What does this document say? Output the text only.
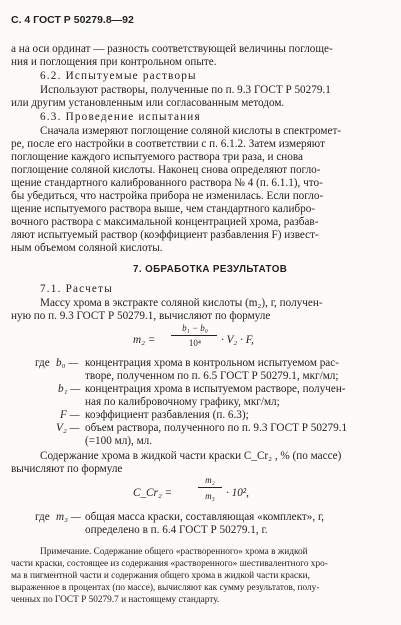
С. 4 ГОСТ Р 50279.8—92
а на оси ординат — разность соответствующей величины поглоще-
ния и поглощения при контрольном опыте.
6.2. Испытуемые растворы
Используют растворы, полученные по п. 9.3 ГОСТ Р 50279.1
или другим установленным или согласованным методом.
6.3. Проведение испытания
Сначала измеряют поглощение соляной кислоты в спектромет-
ре, после его настройки в соответствии с п. 6.1.2. Затем измеряют
поглощение каждого испытуемого раствора три раза, и снова
поглощение соляной кислоты. Наконец снова определяют погло-
щение стандартного калиброванного раствора № 4 (п. 6.1.1), что-
бы убедиться, что настройка прибора не изменилась. Если погло-
щение испытуемого раствора выше, чем стандартного калибро-
вочного раствора с максимальной концентрацией хрома, разбав-
ляют испытуемый раствор (коэффициент разбавления F) извест-
ным объемом соляной кислоты.
7. ОБРАБОТКА РЕЗУЛЬТАТОВ
7.1. Расчеты
Массу хрома в экстракте соляной кислоты (m₂), г, получен-
ную по п. 9.3 ГОСТ Р 50279.1, вычисляют по формуле
m₂ =
b₁ − b₀
10⁴	· V₂ · F,
где b₀ — концентрация хрома в контрольном испытуемом рас-
творе, полученном по п. 6.5 ГОСТ Р 50279.1, мкг/мл;
b₁ — концентрация хрома в испытуемом растворе, получен-
ная по калибровочному графику, мкг/мл;
F — коэффициент разбавления (п. 6.3);
V₂ — объем раствора, полученного по п. 9.3 ГОСТ Р 50279.1
(=100 мл), мл.
Содержание хрома в жидкой части краски C_Cr₂ , % (по массе)
вычисляют по формуле
C_Cr₂ =
m₂
m₃ · 10²,
где m₃ — общая масса краски, составляющая «комплект», г,
определено в п. 6.4 ГОСТ Р 50279.1, г.
Примечание. Содержание общего «растворенного» хрома в жидкой
части краски, состоящее из содержания «растворенного» шестивалентного хро-
ма в пигментной части и содержания общего хрома в жидкой части краски,
выраженное в процентах (по массе), вычисляют как сумму результатов, полу-
ченных по ГОСТ Р 50279.7 и настоящему стандарту.
